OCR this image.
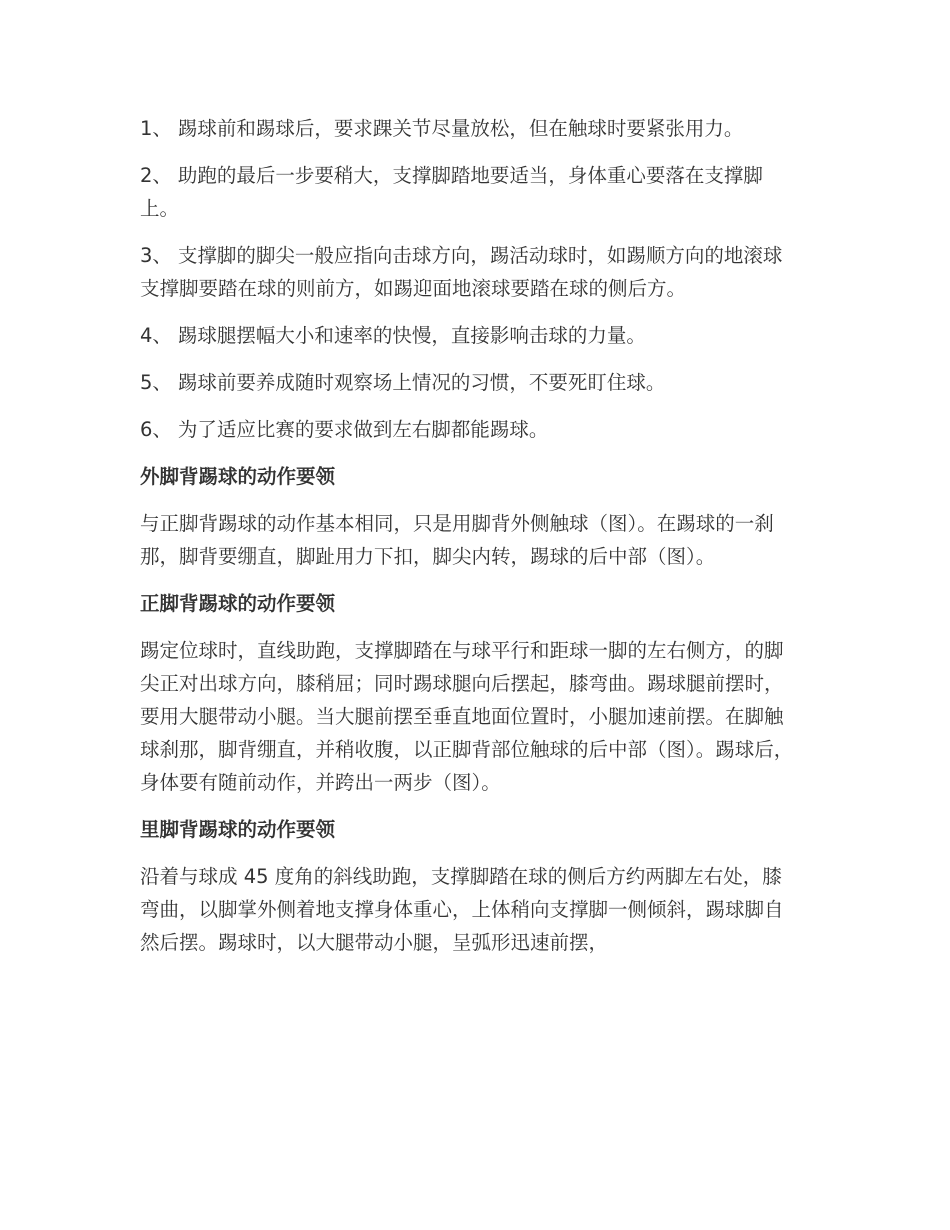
1、 踢球前和踢球后，要求踝关节尽量放松，但在触球时要紧张用力。

2、 助跑的最后一步要稍大，支撑脚踏地要适当，身体重心要落在支撑脚上。

3、 支撑脚的脚尖一般应指向击球方向，踢活动球时，如踢顺方向的地滚球支撑脚要踏在球的则前方，如踢迎面地滚球要踏在球的侧后方。

4、 踢球腿摆幅大小和速率的快慢，直接影响击球的力量。

5、 踢球前要养成随时观察场上情况的习惯，不要死盯住球。

6、 为了适应比赛的要求做到左右脚都能踢球。

外脚背踢球的动作要领

与正脚背踢球的动作基本相同，只是用脚背外侧触球（图）。在踢球的一刹那，脚背要绷直，脚趾用力下扣，脚尖内转，踢球的后中部（图）。

正脚背踢球的动作要领

踢定位球时，直线助跑，支撑脚踏在与球平行和距球一脚的左右侧方，的脚尖正对出球方向，膝稍屈；同时踢球腿向后摆起，膝弯曲。踢球腿前摆时，要用大腿带动小腿。当大腿前摆至垂直地面位置时，小腿加速前摆。在脚触球刹那，脚背绷直，并稍收腹，以正脚背部位触球的后中部（图）。踢球后，身体要有随前动作，并跨出一两步（图）。

里脚背踢球的动作要领

沿着与球成 45 度角的斜线助跑，支撑脚踏在球的侧后方约两脚左右处，膝弯曲，以脚掌外侧着地支撑身体重心，上体稍向支撑脚一侧倾斜，踢球脚自然后摆。踢球时，以大腿带动小腿，呈弧形迅速前摆，
